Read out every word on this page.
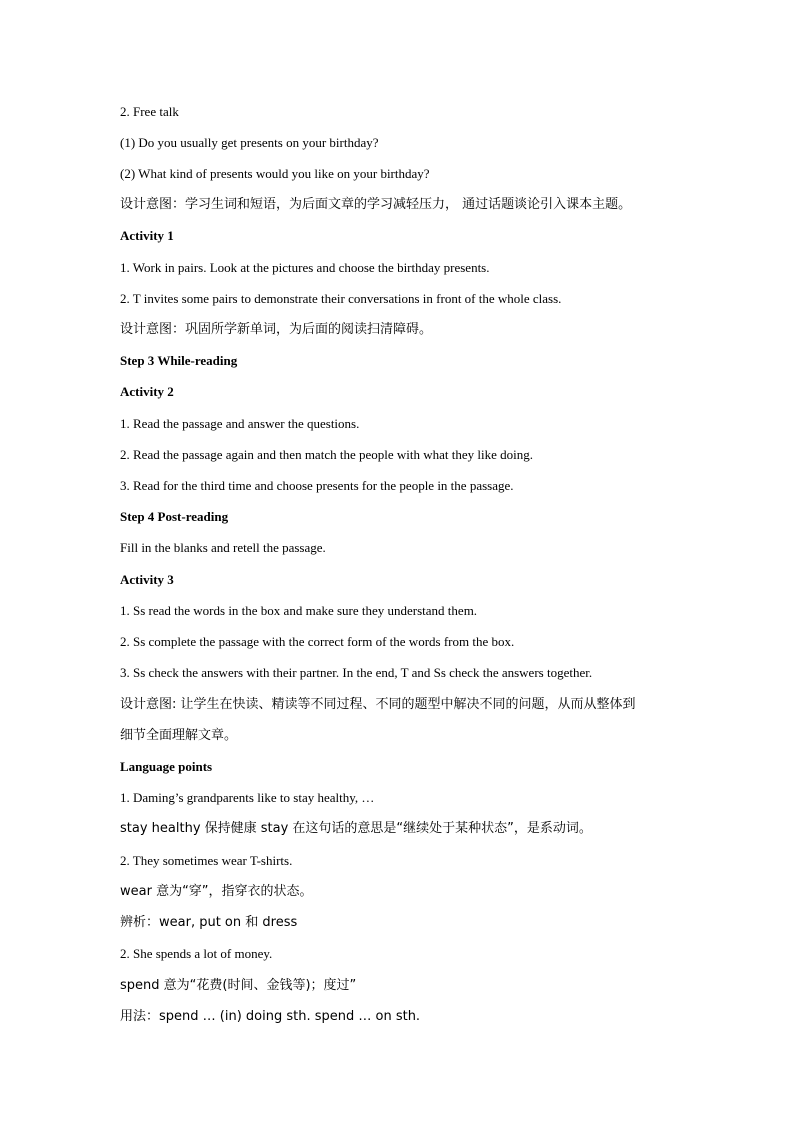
2. Free talk
(1) Do you usually get presents on your birthday?
(2) What kind of presents would you like on your birthday?
设计意图：学习生词和短语，为后面文章的学习减轻压力， 通过话题谈论引入课本主题。
Activity 1
1. Work in pairs. Look at the pictures and choose the birthday presents.
2. T invites some pairs to demonstrate their conversations in front of the whole class.
设计意图：巩固所学新单词，为后面的阅读扫清障碍。
Step 3 While-reading
Activity 2
1. Read the passage and answer the questions.
2. Read the passage again and then match the people with what they like doing.
3. Read for the third time and choose presents for the people in the passage.
Step 4 Post-reading
Fill in the blanks and retell the passage.
Activity 3
1. Ss read the words in the box and make sure they understand them.
2. Ss complete the passage with the correct form of the words from the box.
3. Ss check the answers with their partner. In the end, T and Ss check the answers together.
设计意图: 让学生在快读、精读等不同过程、不同的题型中解决不同的问题，从而从整体到
细节全面理解文章。
Language points
1. Daming’s grandparents like to stay healthy, …
stay healthy 保持健康 stay 在这句话的意思是“继续处于某种状态”，是系动词。
2. They sometimes wear T-shirts.
wear 意为“穿”，指穿衣的状态。
辨析：wear, put on 和 dress
2. She spends a lot of money.
spend 意为“花费(时间、金钱等)；度过”
用法：spend … (in) doing sth. spend … on sth.
